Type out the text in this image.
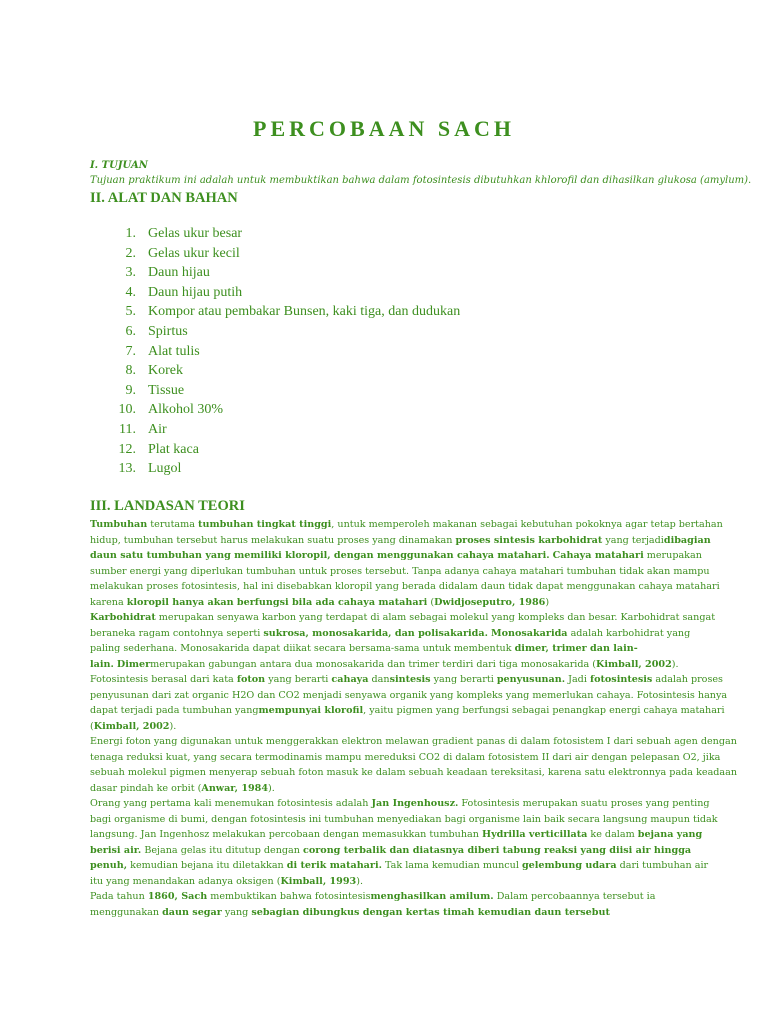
PERCOBAAN SACH
I. TUJUAN
Tujuan praktikum ini adalah untuk membuktikan bahwa dalam fotosintesis dibutuhkan khlorofil dan dihasilkan glukosa (amylum).
II. ALAT DAN BAHAN
1. Gelas ukur besar
2. Gelas ukur kecil
3. Daun hijau
4. Daun hijau putih
5. Kompor atau pembakar Bunsen, kaki tiga, dan dudukan
6. Spirtus
7. Alat tulis
8. Korek
9. Tissue
10. Alkohol 30%
11. Air
12. Plat kaca
13. Lugol
III. LANDASAN TEORI
Tumbuhan terutama tumbuhan tingkat tinggi, untuk memperoleh makanan sebagai kebutuhan pokoknya agar tetap bertahan
hidup, tumbuhan tersebut harus melakukan suatu proses yang dinamakan proses sintesis karbohidrat yang terjadidibagian
daun satu tumbuhan yang memiliki kloropil, dengan menggunakan cahaya matahari. Cahaya matahari merupakan
sumber energi yang diperlukan tumbuhan untuk proses tersebut. Tanpa adanya cahaya matahari tumbuhan tidak akan mampu
melakukan proses fotosintesis, hal ini disebabkan kloropil yang berada didalam daun tidak dapat menggunakan cahaya matahari
karena kloropil hanya akan berfungsi bila ada cahaya matahari (Dwidjoseputro, 1986)
Karbohidrat merupakan senyawa karbon yang terdapat di alam sebagai molekul yang kompleks dan besar. Karbohidrat sangat
beraneka ragam contohnya seperti sukrosa, monosakarida, dan polisakarida. Monosakarida adalah karbohidrat yang
paling sederhana. Monosakarida dapat diikat secara bersama-sama untuk membentuk dimer, trimer dan lain-
lain. Dimermerupakan gabungan antara dua monosakarida dan trimer terdiri dari tiga monosakarida (Kimball, 2002).
Fotosintesis berasal dari kata foton yang berarti cahaya dansintesis yang berarti penyusunan. Jadi fotosintesis adalah proses
penyusunan dari zat organic H2O dan CO2 menjadi senyawa organik yang kompleks yang memerlukan cahaya. Fotosintesis hanya
dapat terjadi pada tumbuhan yangmempunyai klorofil, yaitu pigmen yang berfungsi sebagai penangkap energi cahaya matahari
(Kimball, 2002).
Energi foton yang digunakan untuk menggerakkan elektron melawan gradient panas di dalam fotosistem I dari sebuah agen dengan
tenaga reduksi kuat, yang secara termodinamis mampu mereduksi CO2 di dalam fotosistem II dari air dengan pelepasan O2, jika
sebuah molekul pigmen menyerap sebuah foton masuk ke dalam sebuah keadaan tereksitasi, karena satu elektronnya pada keadaan
dasar pindah ke orbit (Anwar, 1984).
Orang yang pertama kali menemukan fotosintesis adalah Jan Ingenhousz. Fotosintesis merupakan suatu proses yang penting
bagi organisme di bumi, dengan fotosintesis ini tumbuhan menyediakan bagi organisme lain baik secara langsung maupun tidak
langsung. Jan Ingenhosz melakukan percobaan dengan memasukkan tumbuhan Hydrilla verticillata ke dalam bejana yang
berisi air. Bejana gelas itu ditutup dengan corong terbalik dan diatasnya diberi tabung reaksi yang diisi air hingga
penuh, kemudian bejana itu diletakkan di terik matahari. Tak lama kemudian muncul gelembung udara dari tumbuhan air
itu yang menandakan adanya oksigen (Kimball, 1993).
Pada tahun 1860, Sach membuktikan bahwa fotosintesismenghasilkan amilum. Dalam percobaannya tersebut ia
menggunakan daun segar yang sebagian dibungkus dengan kertas timah kemudian daun tersebut
